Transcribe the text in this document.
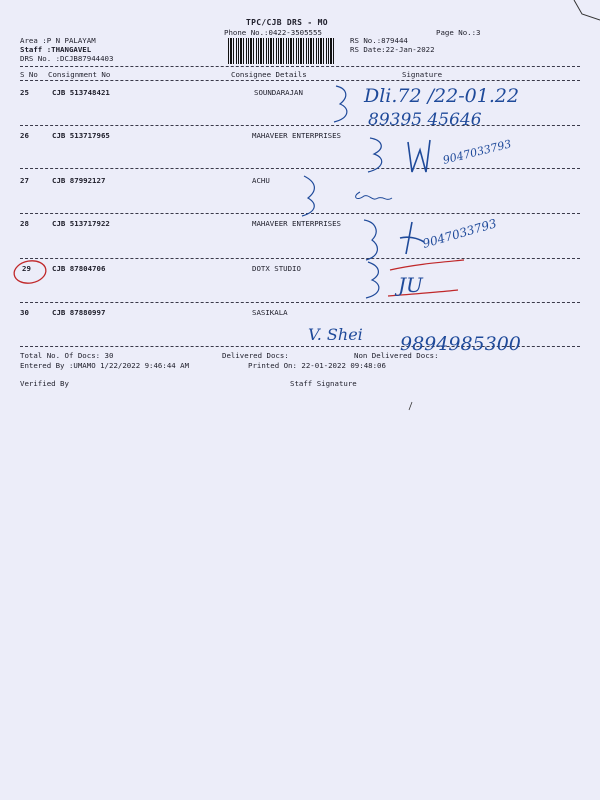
TPC/CJB DRS - MO
Phone No.:0422-3505555	Page No.:3
Area :P N PALAYAM
Staff :THANGAVEL
DRS No. :DCJB87944403
RS No.:879444
RS Date:22-Jan-2022
S No Consignment No	Consignee Details	Signature
25	CJB 513748421	SOUNDARAJAN
26	CJB 513717965	MAHAVEER ENTERPRISES
27	CJB 87992127	ACHU
28	CJB 513717922	MAHAVEER ENTERPRISES
29	CJB 87804706	DOTX STUDIO
30	CJB 87880997	SASIKALA
Total No. Of Docs: 30	Delivered Docs:	Non Delivered Docs:
Entered By :UMAMO 1/22/2022 9:46:44 AM	Printed On: 22-01-2022 09:48:06
Verified By	Staff Signature
Dli.72 /22-01.22
89395 45646
9047033793
9047033793
JU
V. Shei 9894985300
